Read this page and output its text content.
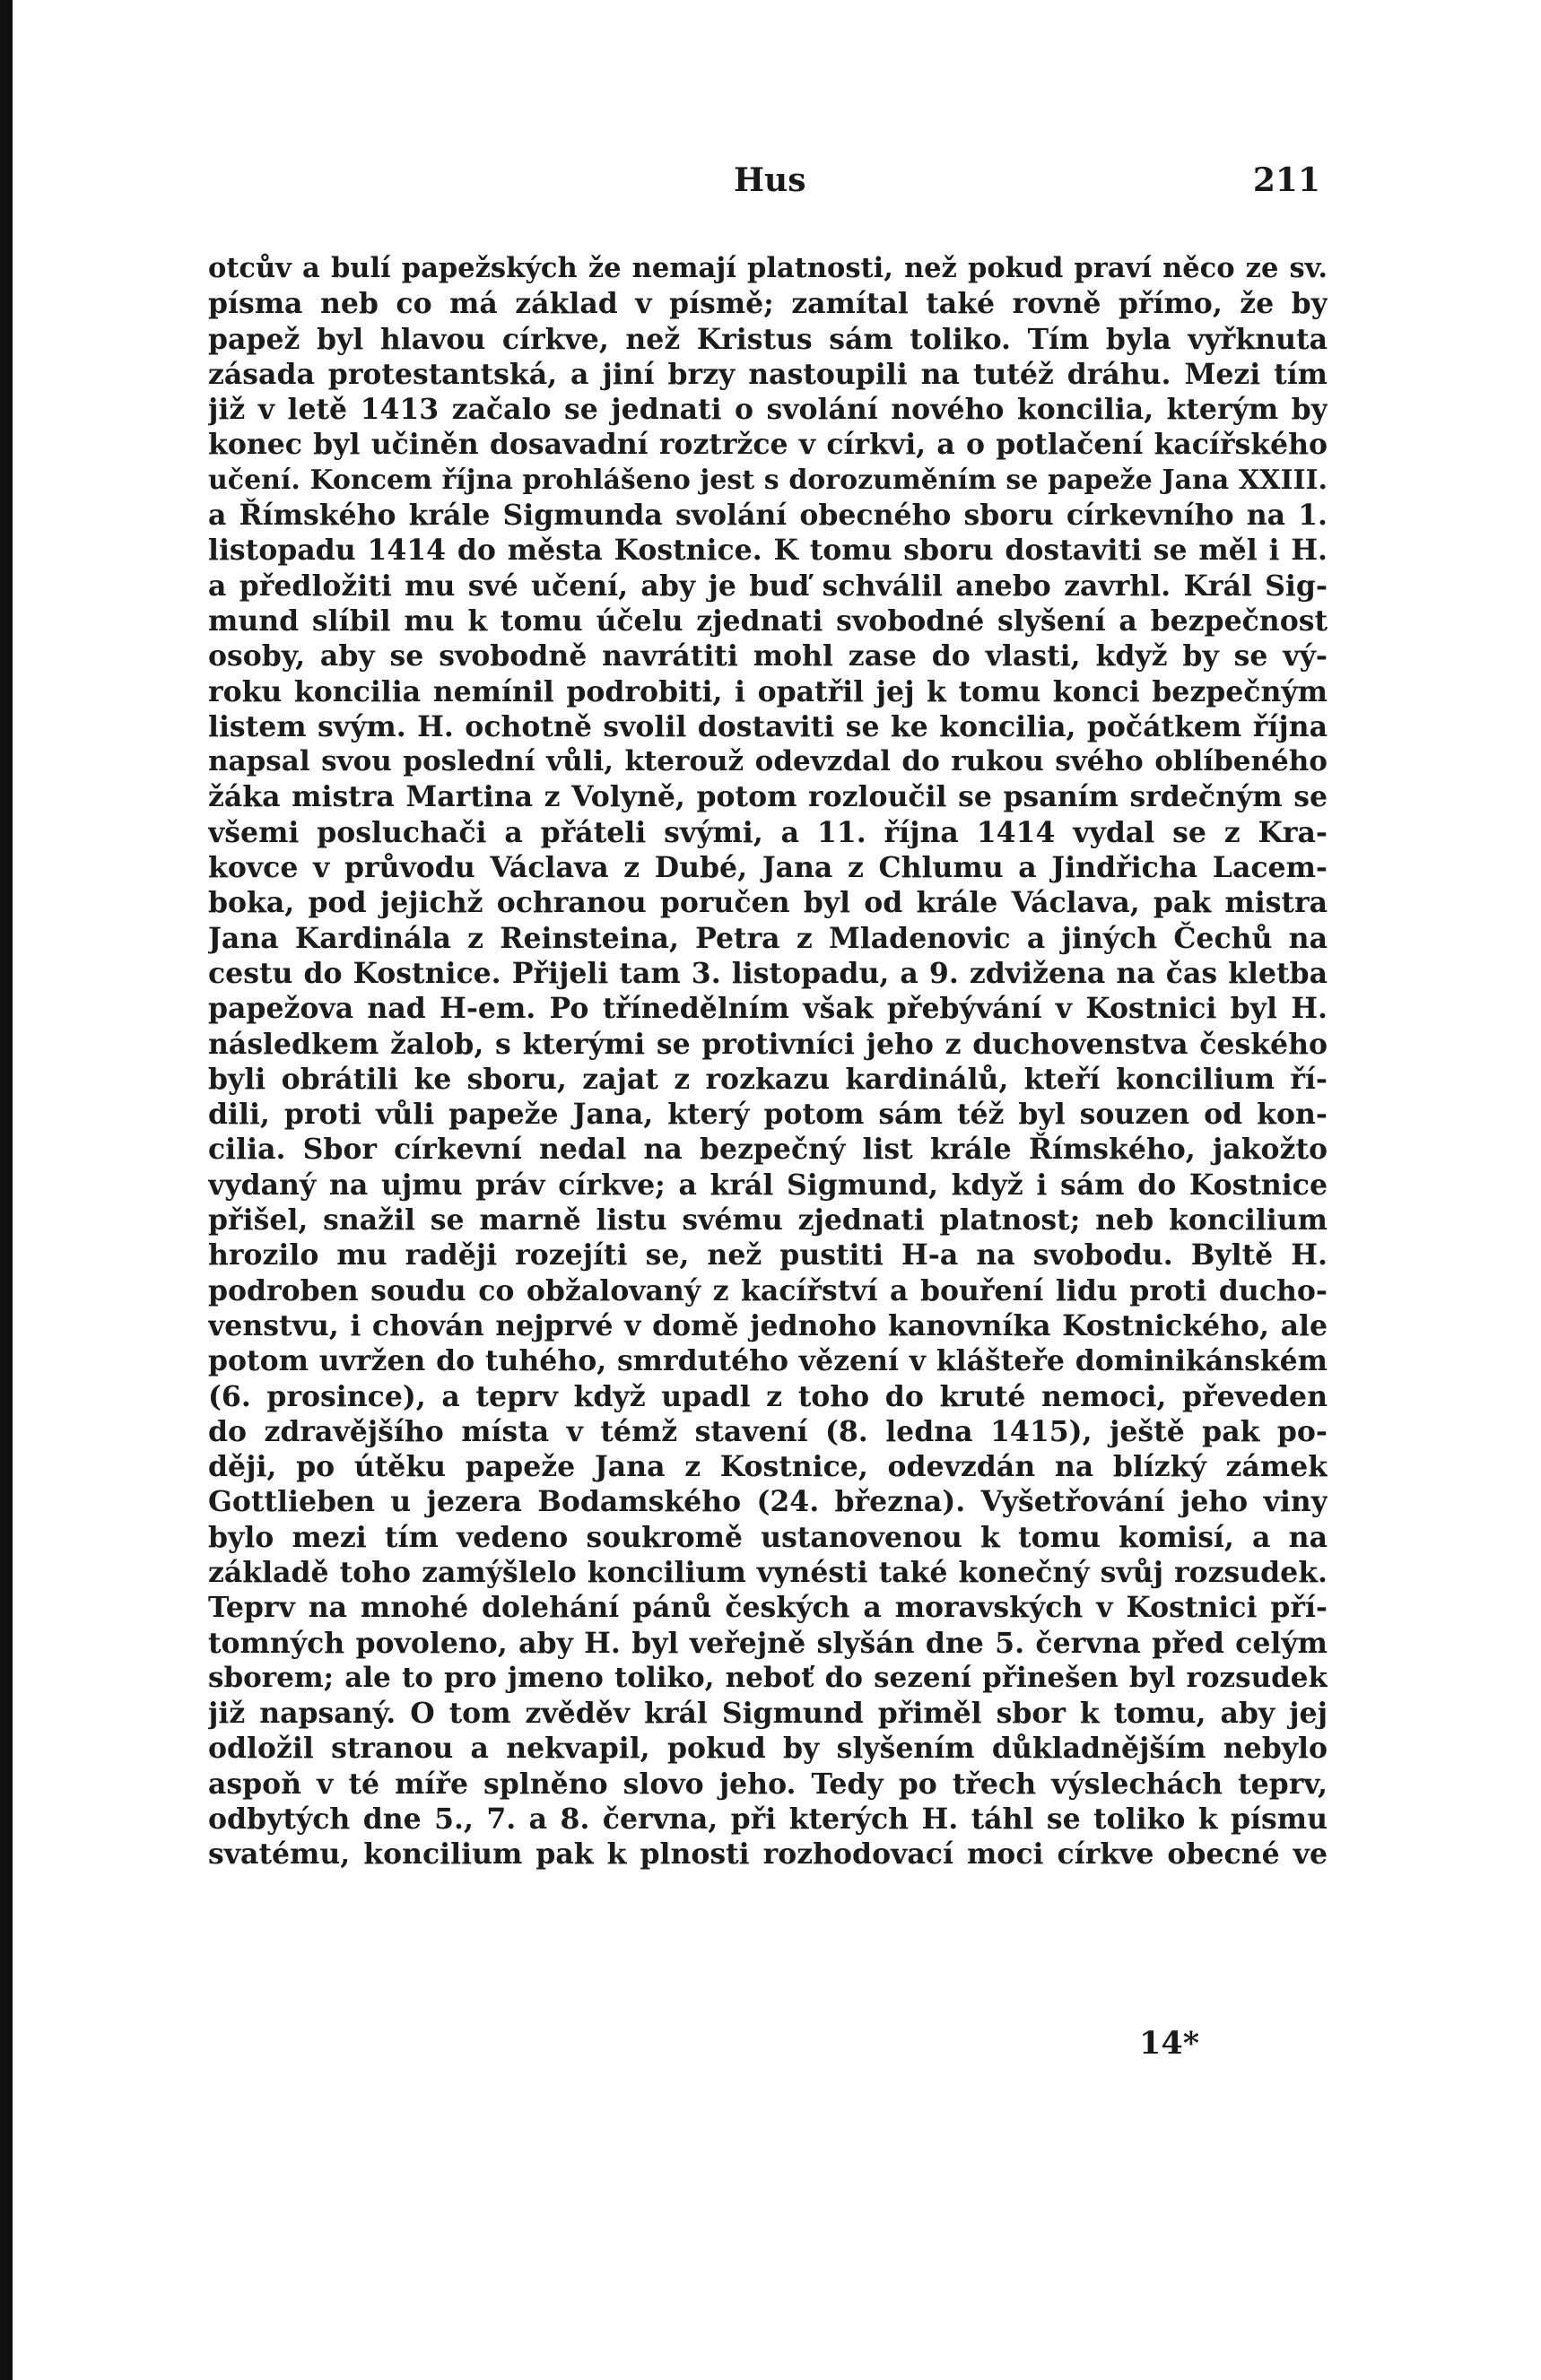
Hus	211
otcův a bulí papežských že nemají platnosti, než pokud praví něco ze sv.
písma neb co má základ v písmě; zamítal také rovně přímo, že by
papež byl hlavou církve, než Kristus sám toliko. Tím byla vyřknuta
zásada protestantská, a jiní brzy nastoupili na tutéž dráhu. Mezi tím
již v letě 1413 začalo se jednati o svolání nového koncilia, kterým by
konec byl učiněn dosavadní roztržce v církvi, a o potlačení kacířského
učení. Koncem října prohlášeno jest s dorozuměním se papeže Jana XXIII.
a Římského krále Sigmunda svolání obecného sboru církevního na 1.
listopadu 1414 do města Kostnice. K tomu sboru dostaviti se měl i H.
a předložiti mu své učení, aby je buď schválil anebo zavrhl. Král Sig-
mund slíbil mu k tomu účelu zjednati svobodné slyšení a bezpečnost
osoby, aby se svobodně navrátiti mohl zase do vlasti, když by se vý-
roku koncilia nemínil podrobiti, i opatřil jej k tomu konci bezpečným
listem svým. H. ochotně svolil dostaviti se ke koncilia, počátkem října
napsal svou poslední vůli, kterouž odevzdal do rukou svého oblíbeného
žáka mistra Martina z Volyně, potom rozloučil se psaním srdečným se
všemi posluchači a přáteli svými, a 11. října 1414 vydal se z Kra-
kovce v průvodu Václava z Dubé, Jana z Chlumu a Jindřicha Lacem-
boka, pod jejichž ochranou poručen byl od krále Václava, pak mistra
Jana Kardinála z Reinsteina, Petra z Mladenovic a jiných Čechů na
cestu do Kostnice. Přijeli tam 3. listopadu, a 9. zdvižena na čas kletba
papežova nad H-em. Po třínedělním však přebývání v Kostnici byl H.
následkem žalob, s kterými se protivníci jeho z duchovenstva českého
byli obrátili ke sboru, zajat z rozkazu kardinálů, kteří koncilium ří-
dili, proti vůli papeže Jana, který potom sám též byl souzen od kon-
cilia. Sbor církevní nedal na bezpečný list krále Římského, jakožto
vydaný na ujmu práv církve; a král Sigmund, když i sám do Kostnice
přišel, snažil se marně listu svému zjednati platnost; neb koncilium
hrozilo mu raději rozejíti se, než pustiti H-a na svobodu. Byltě H.
podroben soudu co obžalovaný z kacířství a bouření lidu proti ducho-
venstvu, i chován nejprvé v domě jednoho kanovníka Kostnického, ale
potom uvržen do tuhého, smrdutého vězení v klášteře dominikánském
(6. prosince), a teprv když upadl z toho do kruté nemoci, převeden
do zdravějšího místa v témž stavení (8. ledna 1415), ještě pak po-
ději, po útěku papeže Jana z Kostnice, odevzdán na blízký zámek
Gottlieben u jezera Bodamského (24. března). Vyšetřování jeho viny
bylo mezi tím vedeno soukromě ustanovenou k tomu komisí, a na
základě toho zamýšlelo koncilium vynésti také konečný svůj rozsudek.
Teprv na mnohé dolehání pánů českých a moravských v Kostnici pří-
tomných povoleno, aby H. byl veřejně slyšán dne 5. června před celým
sborem; ale to pro jmeno toliko, neboť do sezení přinešen byl rozsudek
již napsaný. O tom zvěděv král Sigmund přiměl sbor k tomu, aby jej
odložil stranou a nekvapil, pokud by slyšením důkladnějším nebylo
aspoň v té míře splněno slovo jeho. Tedy po třech výslechách teprv,
odbytých dne 5., 7. a 8. června, při kterých H. táhl se toliko k písmu
svatému, koncilium pak k plnosti rozhodovací moci církve obecné ve
14*
